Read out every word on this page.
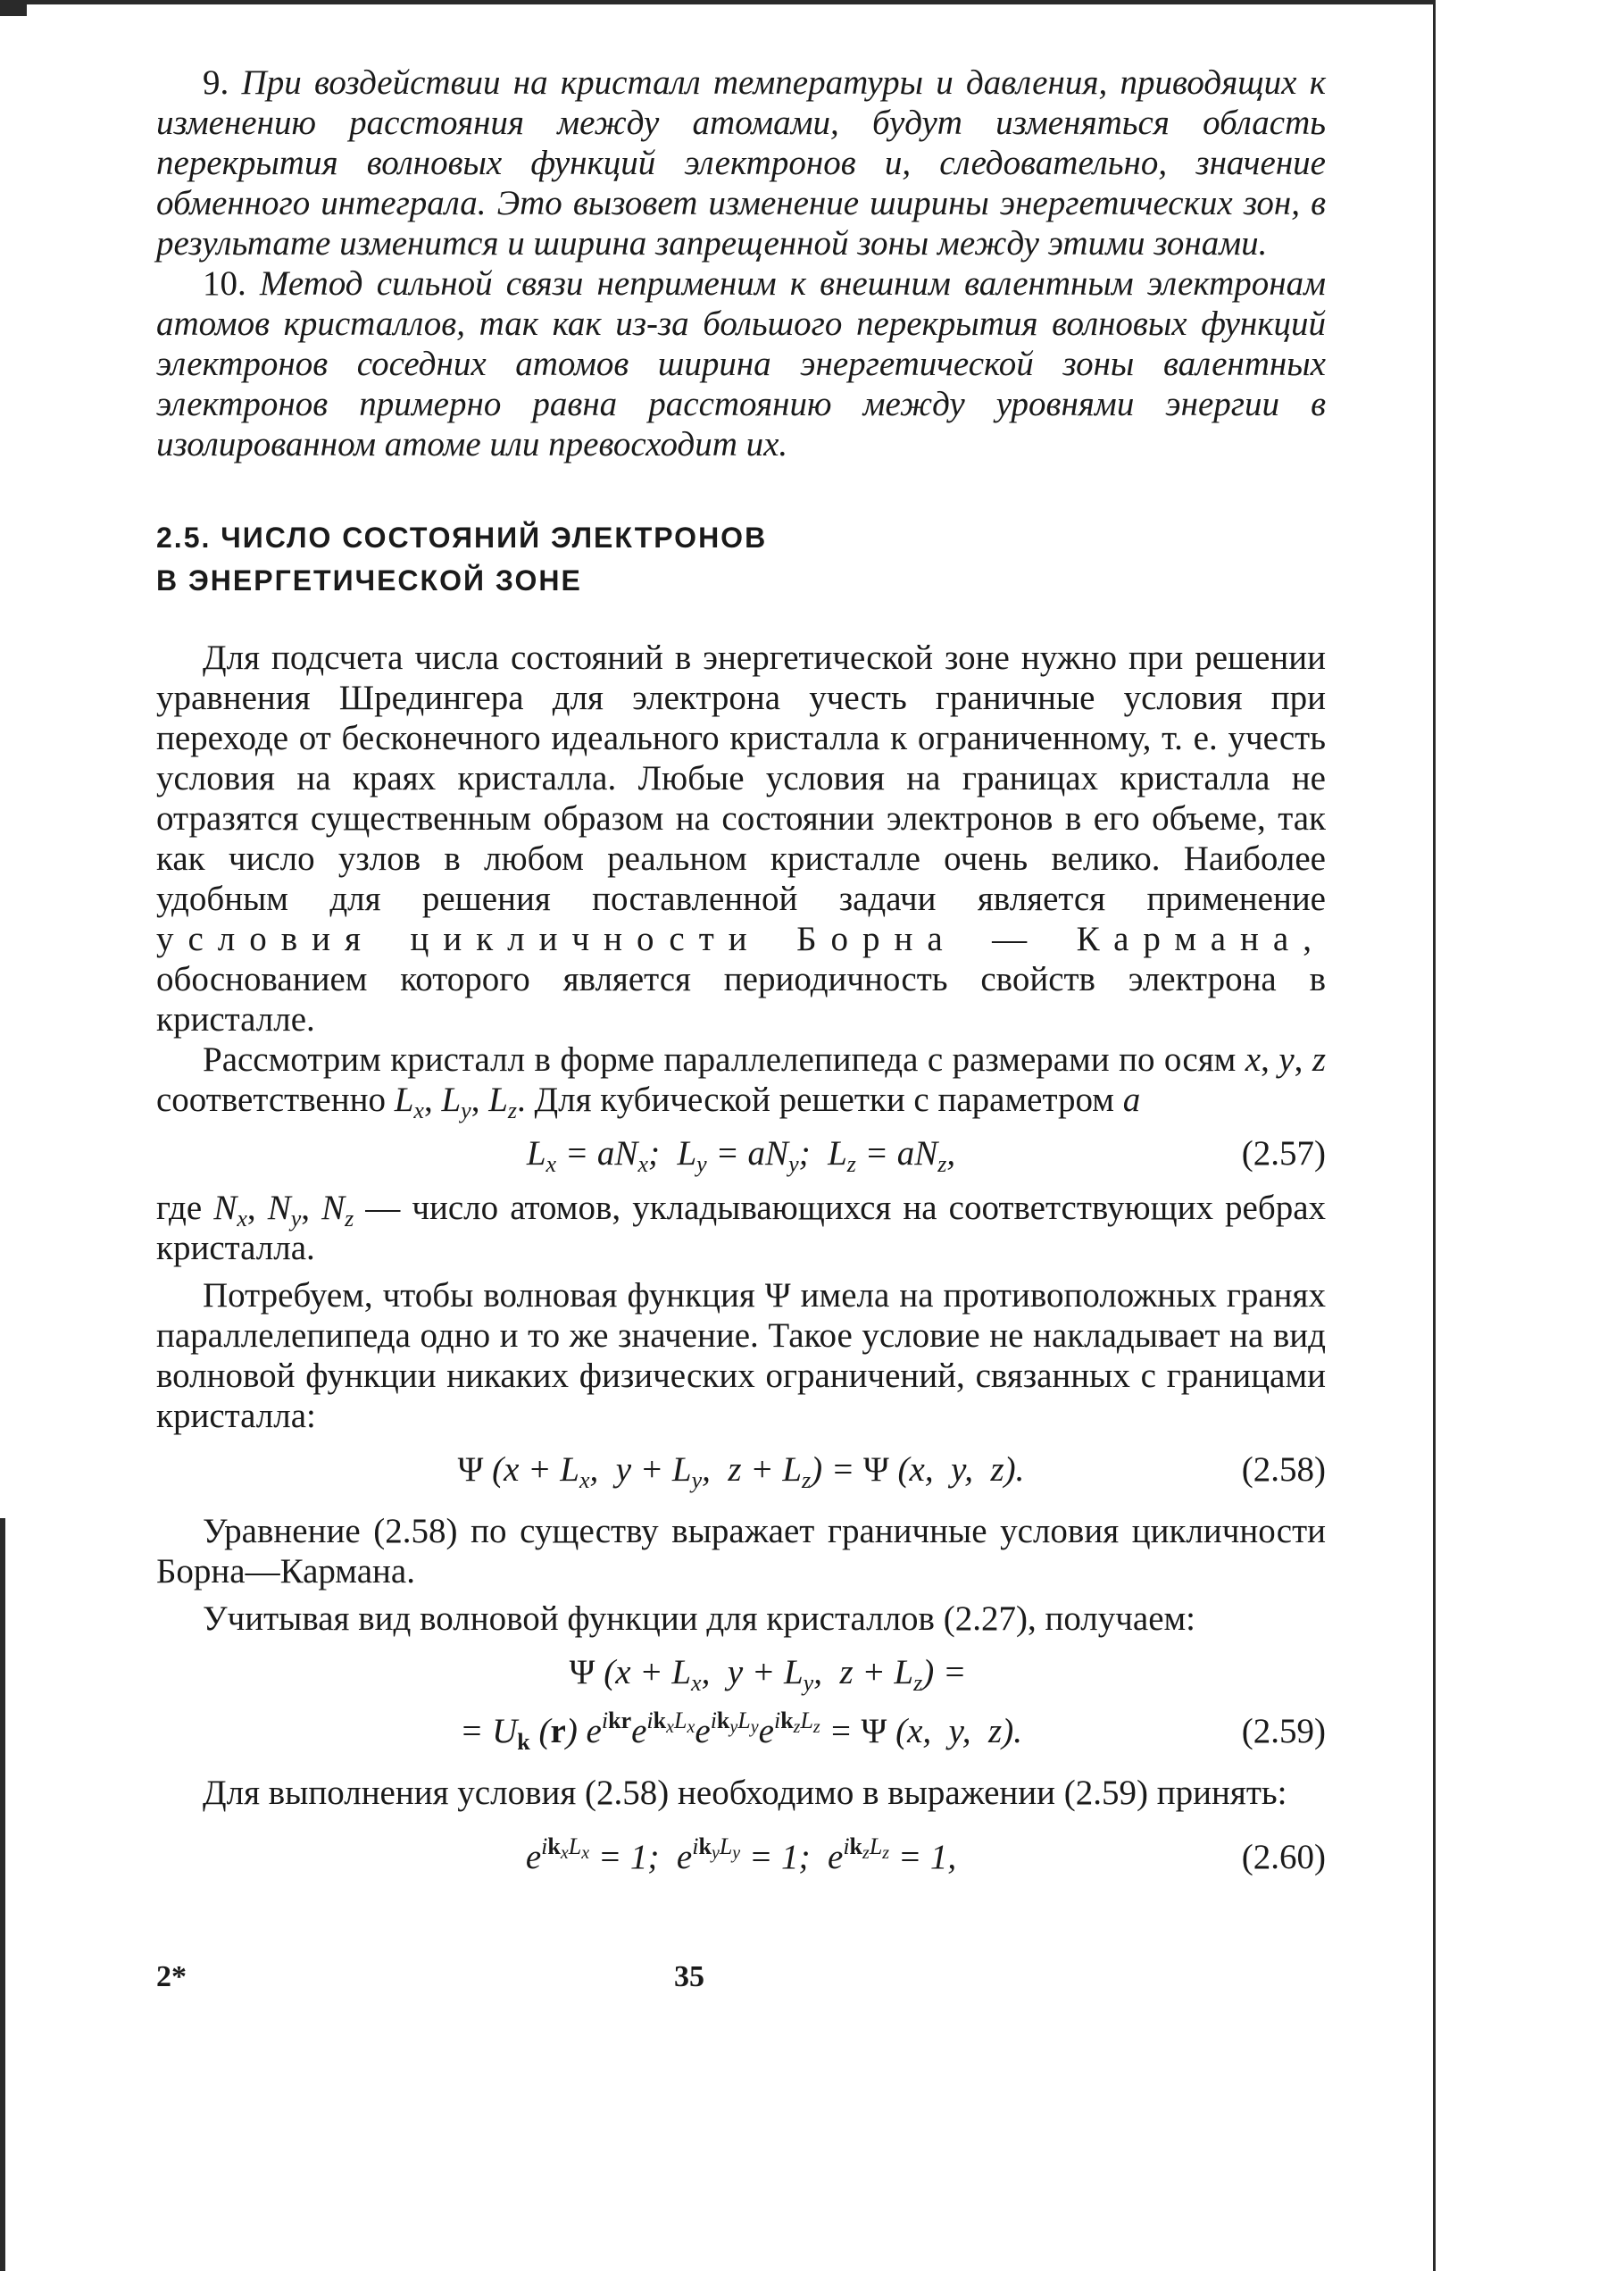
9. При воздействии на кристалл температуры и давления, приводящих к изменению расстояния между атомами, будут изменяться область перекрытия волновых функций электронов и, следовательно, значение обменного интеграла. Это вызовет изменение ширины энергетических зон, в результате изменится и ширина запрещенной зоны между этими зонами.

10. Метод сильной связи неприменим к внешним валентным электронам атомов кристаллов, так как из-за большого перекрытия волновых функций электронов соседних атомов ширина энергетической зоны валентных электронов примерно равна расстоянию между уровнями энергии в изолированном атоме или превосходит их.

2.5. ЧИСЛО СОСТОЯНИЙ ЭЛЕКТРОНОВ
В ЭНЕРГЕТИЧЕСКОЙ ЗОНЕ

Для подсчета числа состояний в энергетической зоне нужно при решении уравнения Шредингера для электрона учесть граничные условия при переходе от бесконечного идеального кристалла к ограниченному, т. е. учесть условия на краях кристалла. Любые условия на границах кристалла не отразятся существенным образом на состоянии электронов в его объеме, так как число узлов в любом реальном кристалле очень велико. Наиболее удобным для решения поставленной задачи является применение условия цикличности Борна — Кармана, обоснованием которого является периодичность свойств электрона в кристалле.

Рассмотрим кристалл в форме параллелепипеда с размерами по осям x, y, z соответственно $L_x$, $L_y$, $L_z$. Для кубической решетки с параметром a

$L_x = aN_x$;  $L_y = aN_y$;  $L_z = aN_z$,	(2.57)

где $N_x$, $N_y$, $N_z$ — число атомов, укладывающихся на соответствующих ребрах кристалла.

Потребуем, чтобы волновая функция Ψ имела на противоположных гранях параллелепипеда одно и то же значение. Такое условие не накладывает на вид волновой функции никаких физических ограничений, связанных с границами кристалла:

Ψ ($x + L_x$,  $y + L_y$,  $z + L_z) = \Psi$ (x,  y,  z).	(2.58)

Уравнение (2.58) по существу выражает граничные условия цикличности Борна—Кармана.

Учитывая вид волновой функции для кристаллов (2.27), получаем:

Ψ ($x + L_x$,  $y + L_y$,  $z + L_z$) =
= $U_k$ (r) $e^{ikr}e^{ik_xL_x}e^{ik_yL_y}e^{ik_zL_z} = \Psi$ (x,  y,  z).	(2.59)

Для выполнения условия (2.58) необходимо в выражении (2.59) принять:

$e^{ik_xL_x} = 1$;  $e^{ik_yL_y} = 1$;  $e^{ik_zL_z} = 1$,	(2.60)
2*	35
